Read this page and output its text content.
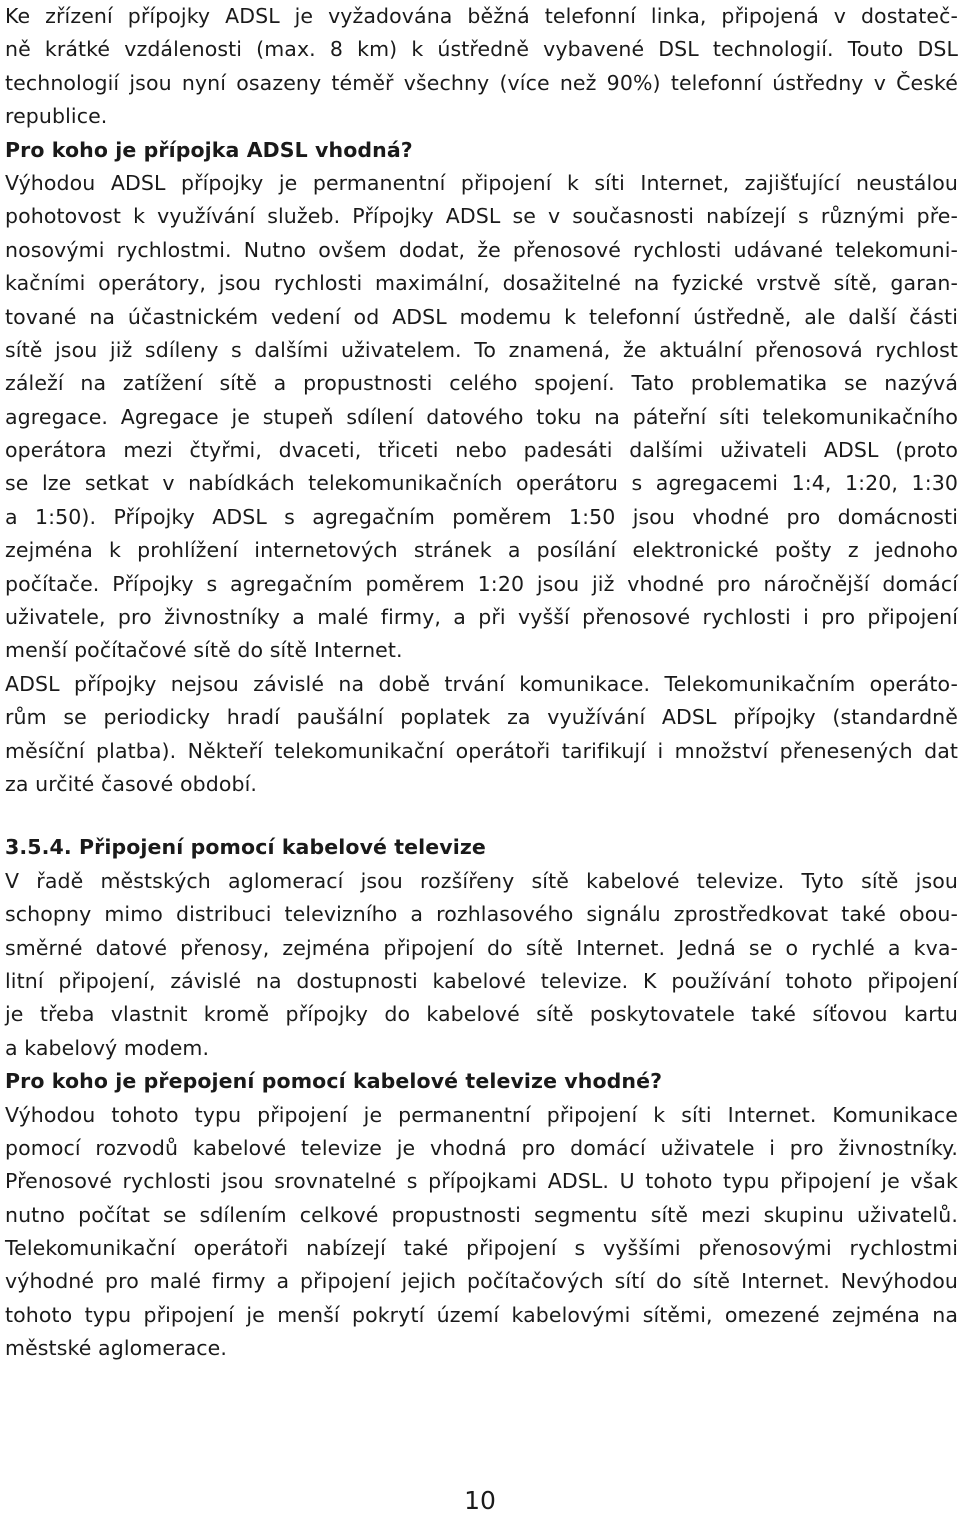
Ke zřízení přípojky ADSL je vyžadována běžná telefonní linka, připojená v dostateč-
ně krátké vzdálenosti (max. 8 km) k ústředně vybavené DSL technologií. Touto DSL
technologií jsou nyní osazeny téměř všechny (více než 90%) telefonní ústředny v České
republice.
Pro koho je přípojka ADSL vhodná?
Výhodou ADSL přípojky je permanentní připojení k síti Internet, zajišťující neustálou
pohotovost k využívání služeb. Přípojky ADSL se v současnosti nabízejí s různými pře-
nosovými rychlostmi. Nutno ovšem dodat, že přenosové rychlosti udávané telekomuni-
kačními operátory, jsou rychlosti maximální, dosažitelné na fyzické vrstvě sítě, garan-
tované na účastnickém vedení od ADSL modemu k telefonní ústředně, ale další části
sítě jsou již sdíleny s dalšími uživatelem. To znamená, že aktuální přenosová rychlost
záleží na zatížení sítě a propustnosti celého spojení. Tato problematika se nazývá
agregace. Agregace je stupeň sdílení datového toku na páteřní síti telekomunikačního
operátora mezi čtyřmi, dvaceti, třiceti nebo padesáti dalšími uživateli ADSL (proto
se lze setkat v nabídkách telekomunikačních operátoru s agregacemi 1:4, 1:20, 1:30
a 1:50). Přípojky ADSL s agregačním poměrem 1:50 jsou vhodné pro domácnosti
zejména k prohlížení internetových stránek a posílání elektronické pošty z jednoho
počítače. Přípojky s agregačním poměrem 1:20 jsou již vhodné pro náročnější domácí
uživatele, pro živnostníky a malé firmy, a při vyšší přenosové rychlosti i pro připojení
menší počítačové sítě do sítě Internet.
ADSL přípojky nejsou závislé na době trvání komunikace. Telekomunikačním operáto-
rům se periodicky hradí paušální poplatek za využívání ADSL přípojky (standardně
měsíční platba). Někteří telekomunikační operátoři tarifikují i množství přenesených dat
za určité časové období.
3.5.4. Připojení pomocí kabelové televize
V řadě městských aglomerací jsou rozšířeny sítě kabelové televize. Tyto sítě jsou
schopny mimo distribuci televizního a rozhlasového signálu zprostředkovat také obou-
směrné datové přenosy, zejména připojení do sítě Internet. Jedná se o rychlé a kva-
litní připojení, závislé na dostupnosti kabelové televize. K používání tohoto připojení
je třeba vlastnit kromě přípojky do kabelové sítě poskytovatele také síťovou kartu
a kabelový modem.
Pro koho je přepojení pomocí kabelové televize vhodné?
Výhodou tohoto typu připojení je permanentní připojení k síti Internet. Komunikace
pomocí rozvodů kabelové televize je vhodná pro domácí uživatele i pro živnostníky.
Přenosové rychlosti jsou srovnatelné s přípojkami ADSL. U tohoto typu připojení je však
nutno počítat se sdílením celkové propustnosti segmentu sítě mezi skupinu uživatelů.
Telekomunikační operátoři nabízejí také připojení s vyššími přenosovými rychlostmi
výhodné pro malé firmy a připojení jejich počítačových sítí do sítě Internet. Nevýhodou
tohoto typu připojení je menší pokrytí území kabelovými sítěmi, omezené zejména na
městské aglomerace.
10
